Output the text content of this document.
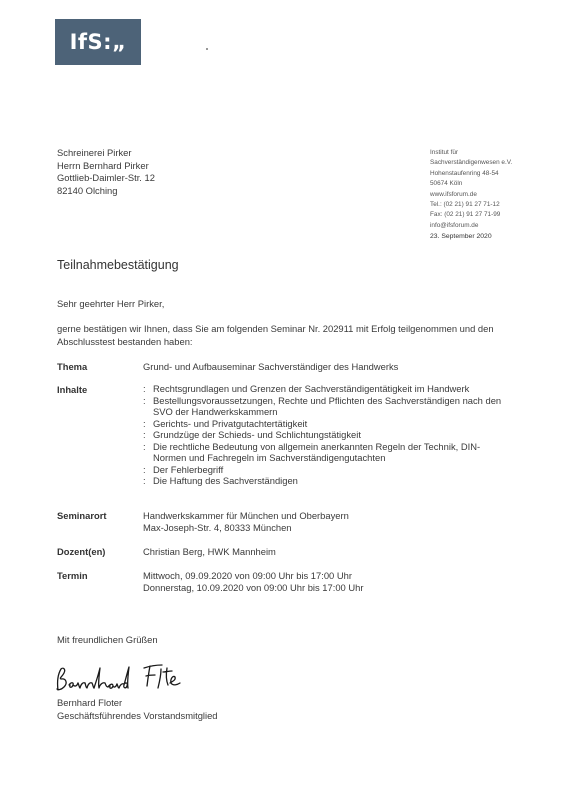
IfS:„
Schreinerei Pirker
Herrn Bernhard Pirker
Gottlieb-Daimler-Str. 12
82140 Olching
Institut für
Sachverständigenwesen e.V.
Hohenstaufenring 48-54
50674 Köln
www.ifsforum.de
Tel.: (02 21) 91 27 71-12
Fax: (02 21) 91 27 71-99
info@ifsforum.de
23. September 2020
Teilnahmebestätigung
Sehr geehrter Herr Pirker,
gerne bestätigen wir Ihnen, dass Sie am folgenden Seminar Nr. 202911 mit Erfolg teilgenommen und den
Abschlusstest bestanden haben:
Thema	Grund- und Aufbauseminar Sachverständiger des Handwerks
Inhalte	: Rechtsgrundlagen und Grenzen der Sachverständigentätigkeit im Handwerk
: Bestellungsvoraussetzungen, Rechte und Pflichten des Sachverständigen nach den SVO der Handwerkskammern
: Gerichts- und Privatgutachtertätigkeit
: Grundzüge der Schieds- und Schlichtungstätigkeit
: Die rechtliche Bedeutung von allgemein anerkannten Regeln der Technik, DIN-Normen und Fachregeln im Sachverständigengutachten
: Der Fehlerbegriff
: Die Haftung des Sachverständigen
Seminarort	Handwerkskammer für München und Oberbayern
Max-Joseph-Str. 4, 80333 München
Dozent(en)	Christian Berg, HWK Mannheim
Termin	Mittwoch, 09.09.2020 von 09:00 Uhr bis 17:00 Uhr
Donnerstag, 10.09.2020 von 09:00 Uhr bis 17:00 Uhr
Mit freundlichen Grüßen
Bernhard Floter
Geschäftsführendes Vorstandsmitglied
